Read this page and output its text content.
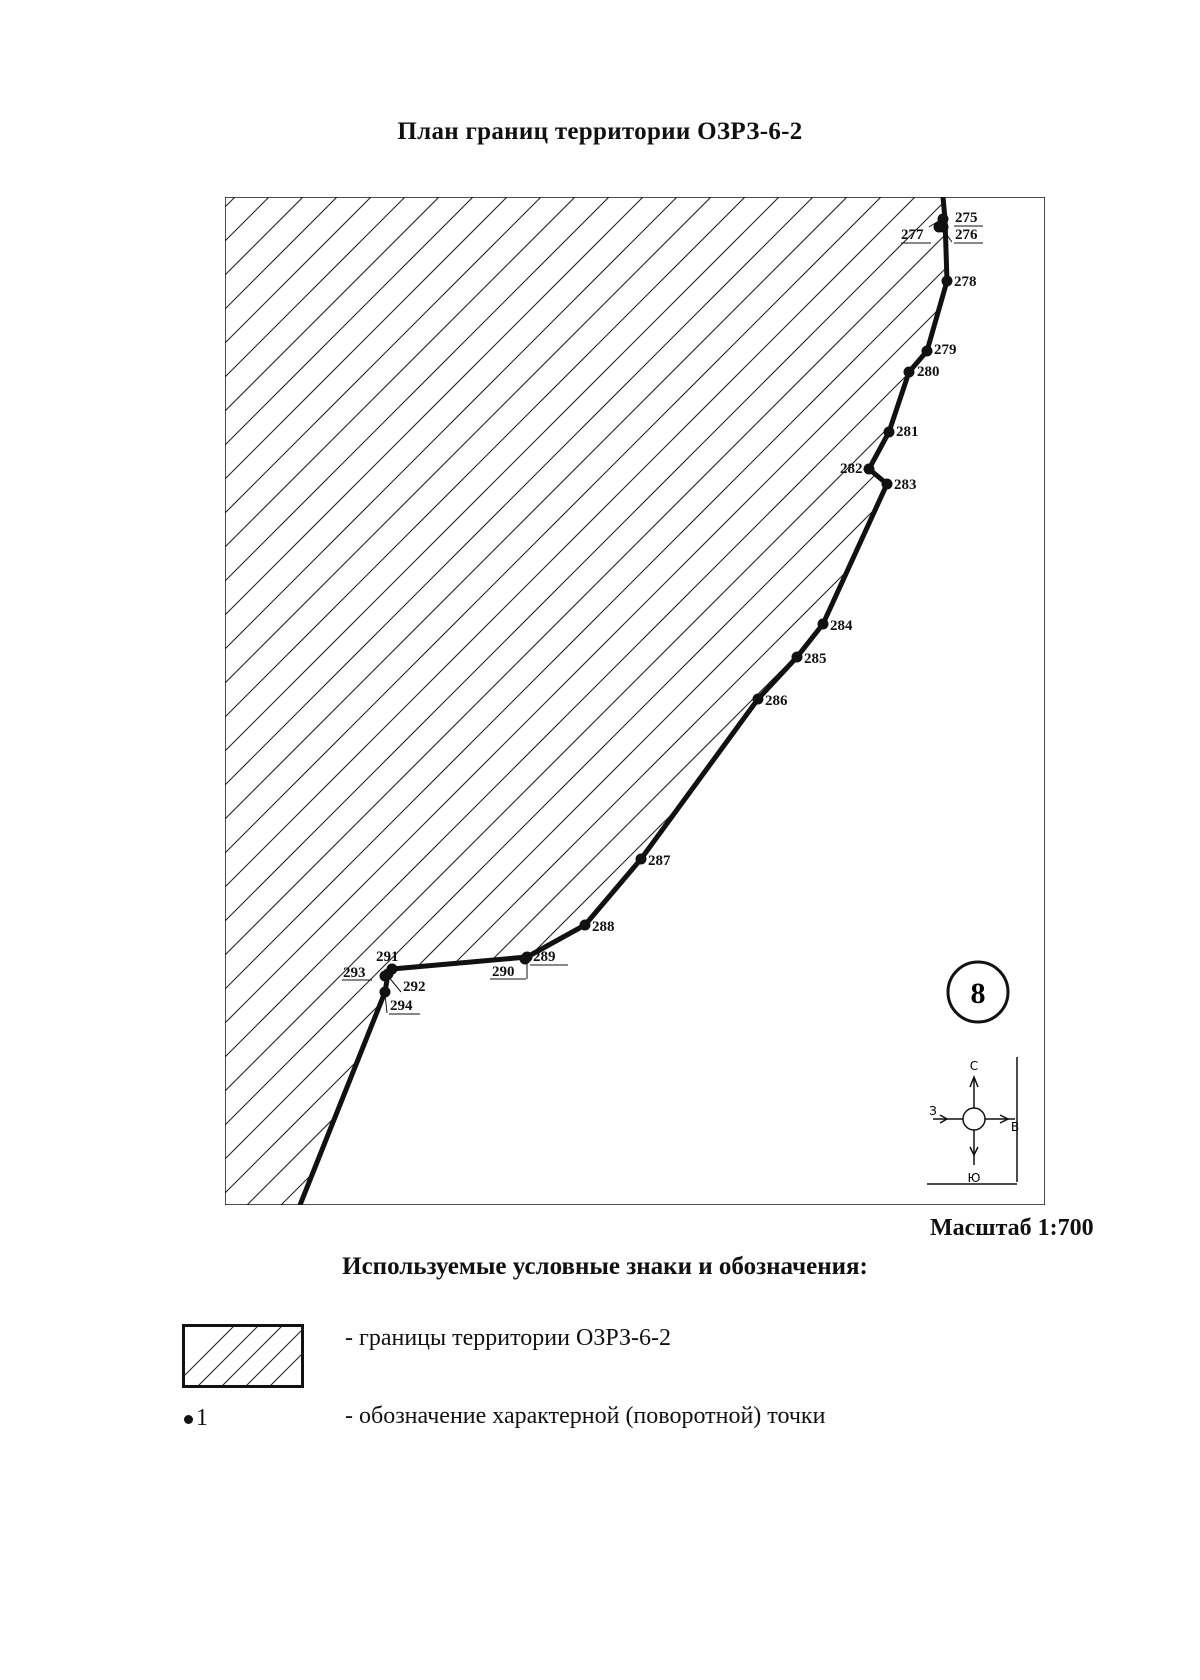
План границ территории ОЗРЗ-6-2
275
276
277
278
279
280
281
282
283
284
285
286
287
288
289
290
291
292
293
294	8
С
Ю
З
В
Масштаб 1:700
Используемые условные знаки и обозначения:
- границы территории ОЗРЗ-6-2
1	- обозначение характерной (поворотной) точки
